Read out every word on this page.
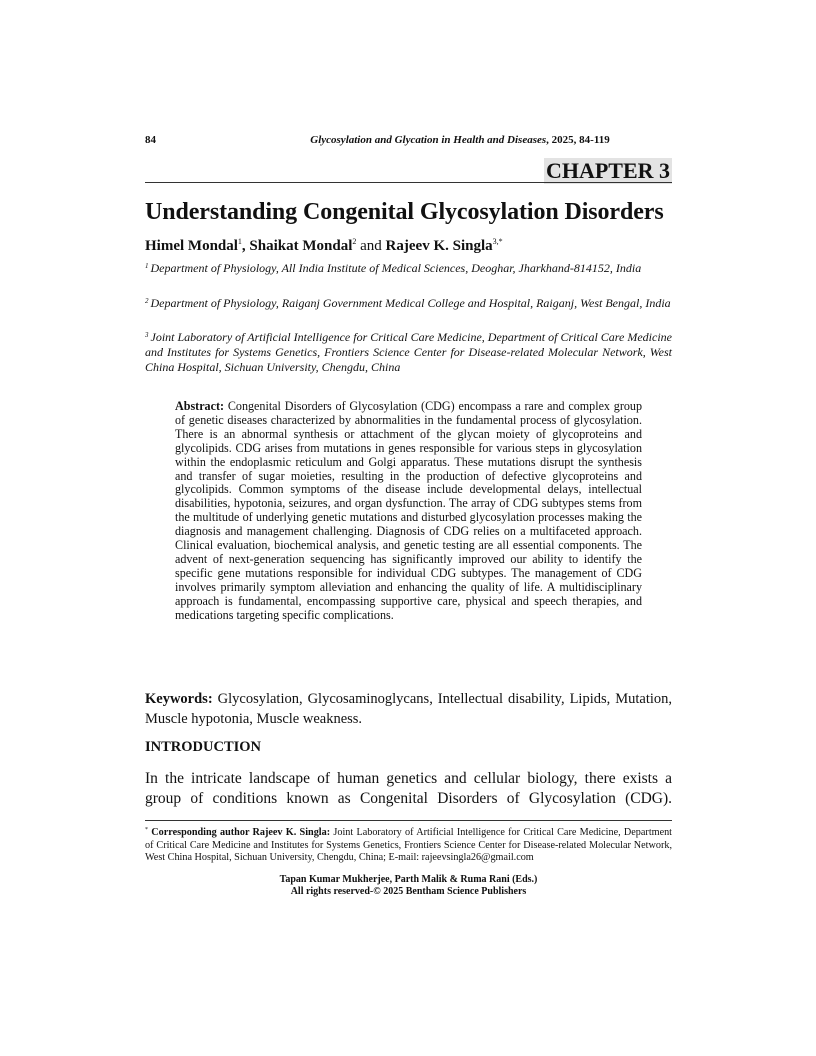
84	Glycosylation and Glycation in Health and Diseases, 2025, 84-119
CHAPTER 3
Understanding Congenital Glycosylation Disorders
Himel Mondal$^1$, Shaikat Mondal$^2$ and Rajeev K. Singla$^{3,*}$
$^1$ Department of Physiology, All India Institute of Medical Sciences, Deoghar, Jharkhand-814152, India
$^2$ Department of Physiology, Raiganj Government Medical College and Hospital, Raiganj, West Bengal, India
$^3$ Joint Laboratory of Artificial Intelligence for Critical Care Medicine, Department of Critical Care Medicine and Institutes for Systems Genetics, Frontiers Science Center for Disease-related Molecular Network, West China Hospital, Sichuan University, Chengdu, China
Abstract: Congenital Disorders of Glycosylation (CDG) encompass a rare and complex group of genetic diseases characterized by abnormalities in the fundamental process of glycosylation. There is an abnormal synthesis or attachment of the glycan moiety of glycoproteins and glycolipids. CDG arises from mutations in genes responsible for various steps in glycosylation within the endoplasmic reticulum and Golgi apparatus. These mutations disrupt the synthesis and transfer of sugar moieties, resulting in the production of defective glycoproteins and glycolipids. Common symptoms of the disease include developmental delays, intellectual disabilities, hypotonia, seizures, and organ dysfunction. The array of CDG subtypes stems from the multitude of underlying genetic mutations and disturbed glycosylation processes making the diagnosis and management challenging. Diagnosis of CDG relies on a multifaceted approach. Clinical evaluation, biochemical analysis, and genetic testing are all essential components. The advent of next-generation sequencing has significantly improved our ability to identify the specific gene mutations responsible for individual CDG subtypes. The management of CDG involves primarily symptom alleviation and enhancing the quality of life. A multidisciplinary approach is fundamental, encompassing supportive care, physical and speech therapies, and medications targeting specific complications.
Keywords: Glycosylation, Glycosaminoglycans, Intellectual disability, Lipids, Mutation, Muscle hypotonia, Muscle weakness.
INTRODUCTION
In the intricate landscape of human genetics and cellular biology, there exists a group of conditions known as Congenital Disorders of Glycosylation (CDG).
* Corresponding author Rajeev K. Singla: Joint Laboratory of Artificial Intelligence for Critical Care Medicine, Department of Critical Care Medicine and Institutes for Systems Genetics, Frontiers Science Center for Disease-related Molecular Network, West China Hospital, Sichuan University, Chengdu, China; E-mail: rajeevsingla26@gmail.com
Tapan Kumar Mukherjee, Parth Malik & Ruma Rani (Eds.)
All rights reserved-© 2025 Bentham Science Publishers
